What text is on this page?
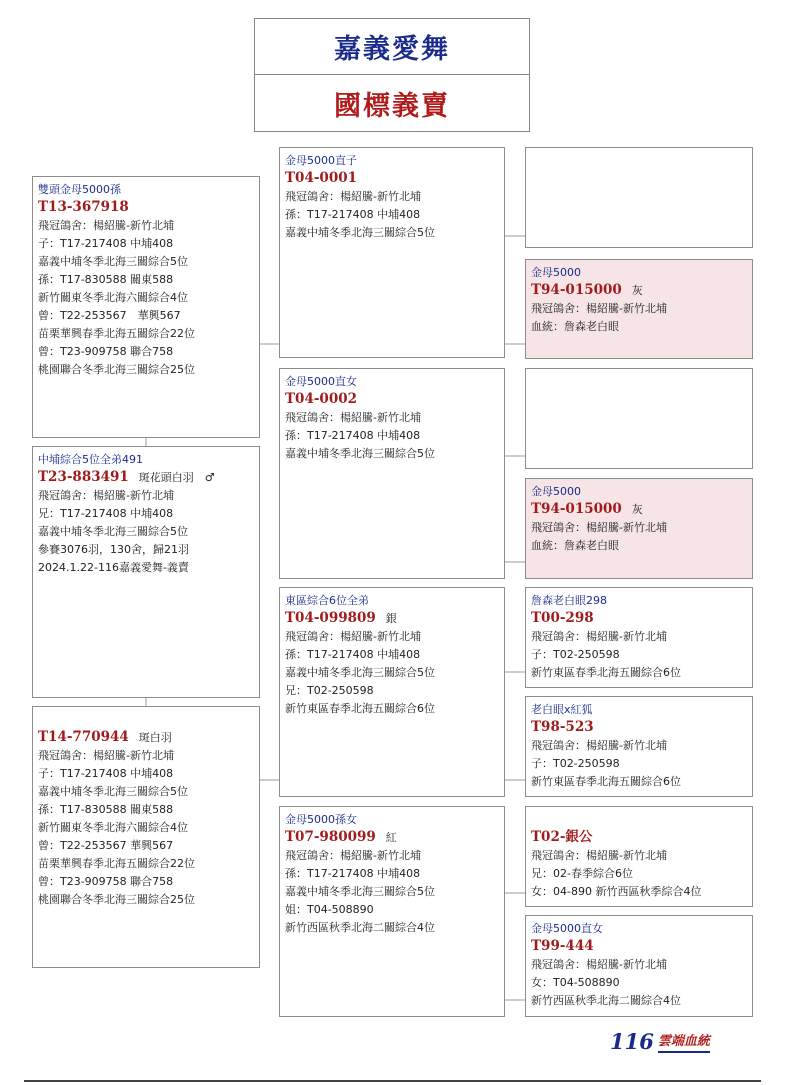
嘉義愛舞
國標義賣
雙頭金母5000孫
T13-367918
飛冠鴿舍：楊紹騰-新竹北埔
子：T17-217408 中埔408
嘉義中埔冬季北海三關綜合5位
孫：T17-830588 關東588
新竹關東冬季北海六關綜合4位
曾：T22-253567　華興567
苗栗華興春季北海五關綜合22位
曾：T23-909758 聯合758
桃園聯合冬季北海三關綜合25位
中埔綜合5位全弟491
T23-883491 斑花頭白羽　♂
飛冠鴿舍：楊紹騰-新竹北埔
兄：T17-217408 中埔408
嘉義中埔冬季北海三關綜合5位
參賽3076羽，130舍，歸21羽
2024.1.22-116嘉義愛舞-義賣
T14-770944 斑白羽
飛冠鴿舍：楊紹騰-新竹北埔
子：T17-217408 中埔408
嘉義中埔冬季北海三關綜合5位
孫：T17-830588 關東588
新竹關東冬季北海六關綜合4位
曾：T22-253567 華興567
苗栗華興春季北海五關綜合22位
曾：T23-909758 聯合758
桃園聯合冬季北海三關綜合25位
金母5000直子
T04-0001
飛冠鴿舍：楊紹騰-新竹北埔
孫：T17-217408 中埔408
嘉義中埔冬季北海三關綜合5位
金母5000直女
T04-0002
飛冠鴿舍：楊紹騰-新竹北埔
孫：T17-217408 中埔408
嘉義中埔冬季北海三關綜合5位
東區綜合6位全弟
T04-099809 銀
飛冠鴿舍：楊紹騰-新竹北埔
孫：T17-217408 中埔408
嘉義中埔冬季北海三關綜合5位
兄：T02-250598
新竹東區春季北海五關綜合6位
金母5000孫女
T07-980099 紅
飛冠鴿舍：楊紹騰-新竹北埔
孫：T17-217408 中埔408
嘉義中埔冬季北海三關綜合5位
姐：T04-508890
新竹西區秋季北海二關綜合4位
金母5000
T94-015000 灰
飛冠鴿舍：楊紹騰-新竹北埔
血統：詹森老白眼
金母5000
T94-015000 灰
飛冠鴿舍：楊紹騰-新竹北埔
血統：詹森老白眼
詹森老白眼298
T00-298
飛冠鴿舍：楊紹騰-新竹北埔
子：T02-250598
新竹東區春季北海五關綜合6位
老白眼x紅狐
T98-523
飛冠鴿舍：楊紹騰-新竹北埔
子：T02-250598
新竹東區春季北海五關綜合6位
T02-銀公
飛冠鴿舍：楊紹騰-新竹北埔
兄：02-春季綜合6位
女：04-890 新竹西區秋季綜合4位
金母5000直女
T99-444
飛冠鴿舍：楊紹騰-新竹北埔
女：T04-508890
新竹西區秋季北海二關綜合4位
116 雲端血統
